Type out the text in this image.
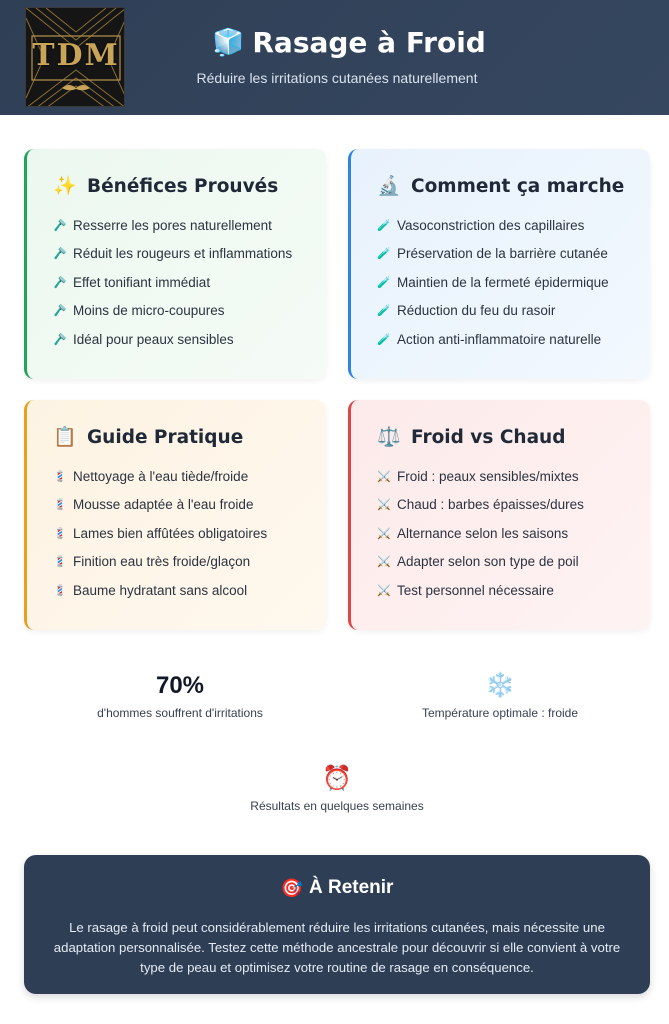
TDM	🧊 Rasage à Froid
Réduire les irritations cutanées naturellement
✨ Bénéfices Prouvés
🪒 Resserre les pores naturellement
🪒 Réduit les rougeurs et inflammations
🪒 Effet tonifiant immédiat
🪒 Moins de micro-coupures
🪒 Idéal pour peaux sensibles
🔬 Comment ça marche
🧪 Vasoconstriction des capillaires
🧪 Préservation de la barrière cutanée
🧪 Maintien de la fermeté épidermique
🧪 Réduction du feu du rasoir
🧪 Action anti-inflammatoire naturelle
📋 Guide Pratique
💈 Nettoyage à l'eau tiède/froide
💈 Mousse adaptée à l'eau froide
💈 Lames bien affûtées obligatoires
💈 Finition eau très froide/glaçon
💈 Baume hydratant sans alcool
⚖️ Froid vs Chaud
⚔️ Froid : peaux sensibles/mixtes
⚔️ Chaud : barbes épaisses/dures
⚔️ Alternance selon les saisons
⚔️ Adapter selon son type de poil
⚔️ Test personnel nécessaire
70%
d'hommes souffrent d'irritations
❄️
Température optimale : froide
⏰
Résultats en quelques semaines
🎯 À Retenir

Le rasage à froid peut considérablement réduire les irritations cutanées, mais nécessite une adaptation personnalisée. Testez cette méthode ancestrale pour découvrir si elle convient à votre type de peau et optimisez votre routine de rasage en conséquence.
